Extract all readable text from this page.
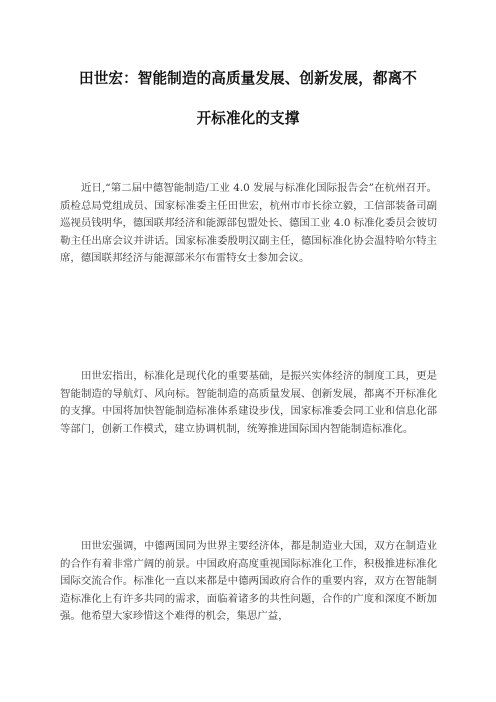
田世宏：智能制造的高质量发展、创新发展，都离不
开标准化的支撑

近日,“第二届中德智能制造/工业 4.0 发展与标准化国际报告会”在杭州召开。质检总局党组成员、国家标准委主任田世宏，杭州市市长徐立毅，工信部装备司副巡视员钱明华，德国联邦经济和能源部包盟处长、德国工业 4.0 标准化委员会彼切勒主任出席会议并讲话。国家标准委殷明汉副主任，德国标准化协会温特哈尔特主席，德国联邦经济与能源部米尔布雷特女士参加会议。

田世宏指出，标准化是现代化的重要基础，是振兴实体经济的制度工具，更是智能制造的导航灯、风向标。智能制造的高质量发展、创新发展，都离不开标准化的支撑。中国将加快智能制造标准体系建设步伐，国家标准委会同工业和信息化部等部门，创新工作模式，建立协调机制，统筹推进国际国内智能制造标准化。

田世宏强调，中德两国同为世界主要经济体，都是制造业大国，双方在制造业的合作有着非常广阔的前景。中国政府高度重视国际标准化工作，积极推进标准化国际交流合作。标准化一直以来都是中德两国政府合作的重要内容，双方在智能制造标准化上有许多共同的需求，面临着诸多的共性问题，合作的广度和深度不断加强。他希望大家珍惜这个难得的机会，集思广益，
